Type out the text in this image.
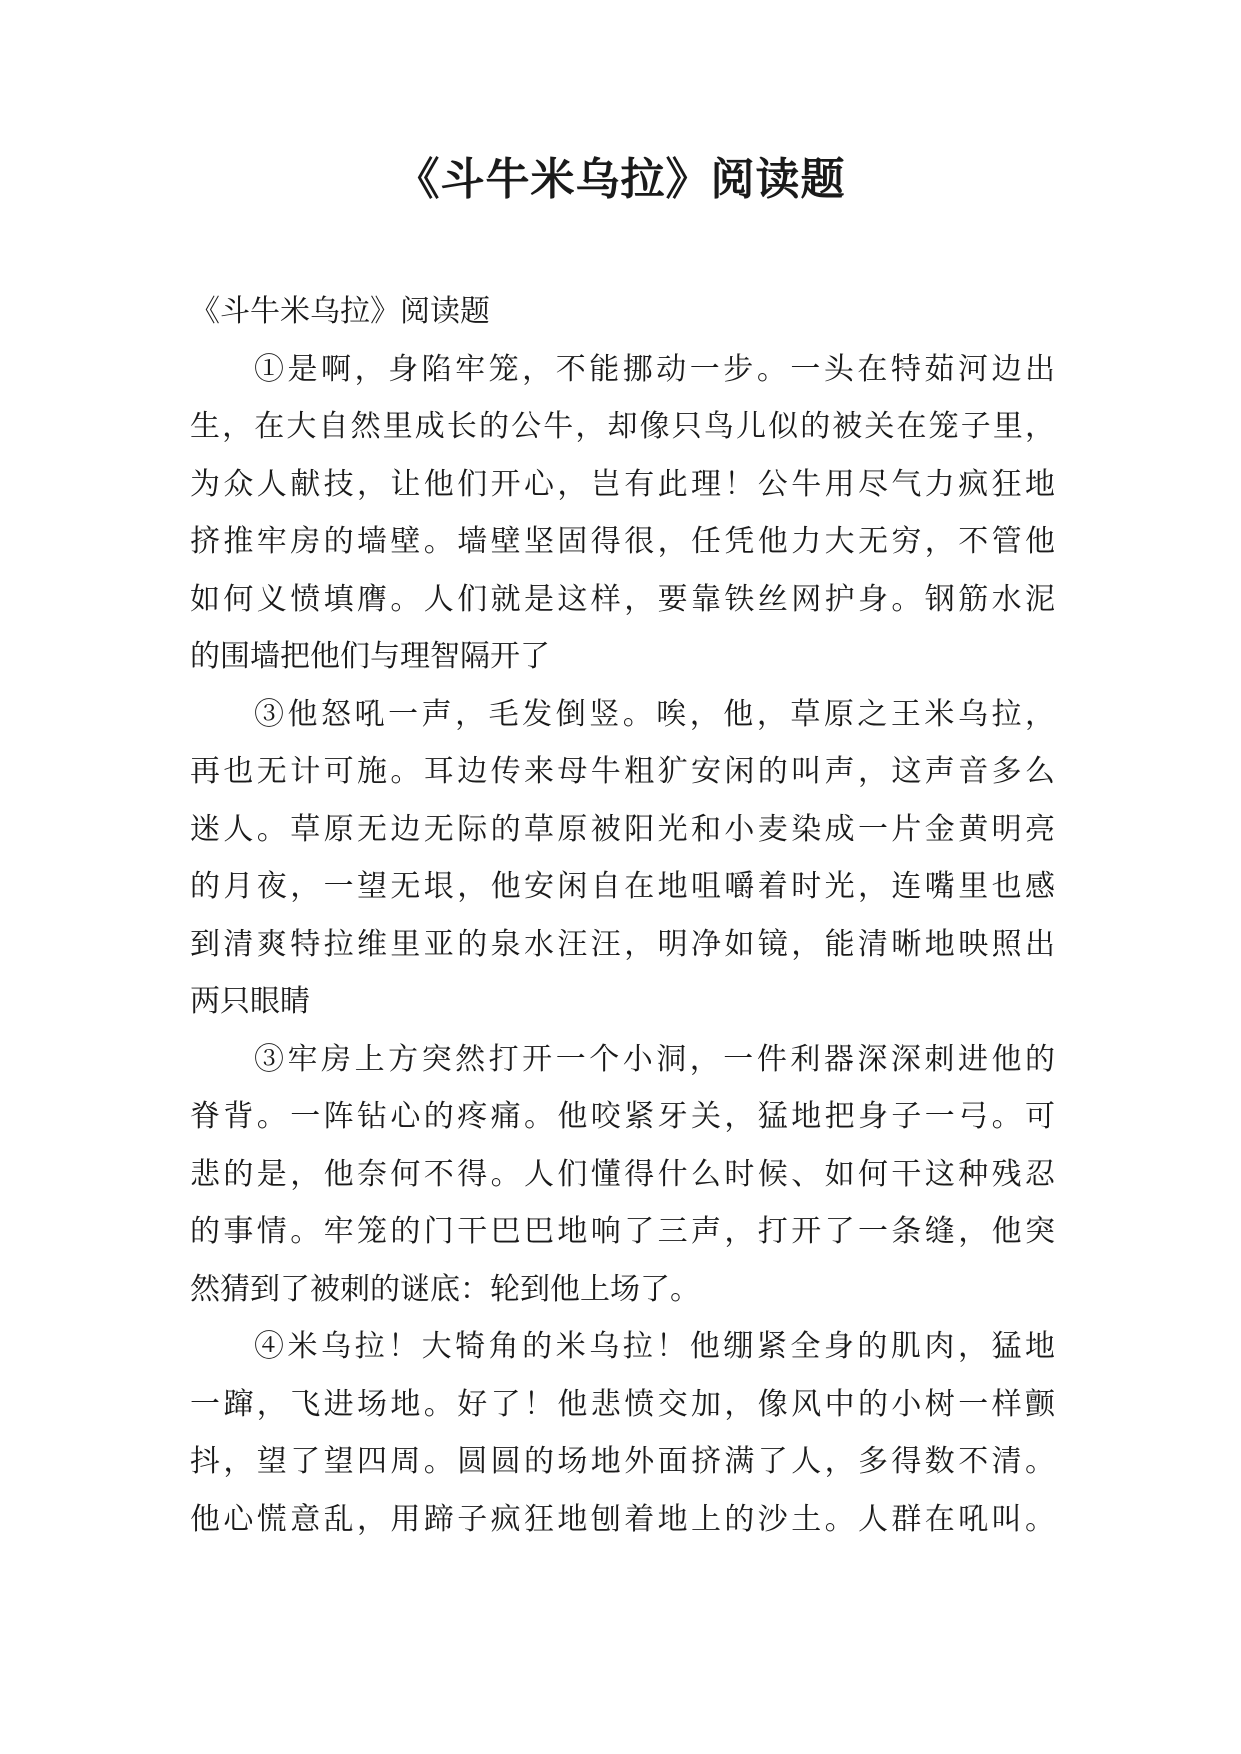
《斗牛米乌拉》阅读题

《斗牛米乌拉》阅读题

①是啊，身陷牢笼，不能挪动一步。一头在特茹河边出
生，在大自然里成长的公牛，却像只鸟儿似的被关在笼子里，
为众人献技，让他们开心，岂有此理！公牛用尽气力疯狂地
挤推牢房的墙壁。墙壁坚固得很，任凭他力大无穷，不管他
如何义愤填膺。人们就是这样，要靠铁丝网护身。钢筋水泥
的围墙把他们与理智隔开了
③他怒吼一声，毛发倒竖。唉，他，草原之王米乌拉，
再也无计可施。耳边传来母牛粗犷安闲的叫声，这声音多么
迷人。草原无边无际的草原被阳光和小麦染成一片金黄明亮
的月夜，一望无垠，他安闲自在地咀嚼着时光，连嘴里也感
到清爽特拉维里亚的泉水汪汪，明净如镜，能清晰地映照出
两只眼睛
③牢房上方突然打开一个小洞，一件利器深深刺进他的
脊背。一阵钻心的疼痛。他咬紧牙关，猛地把身子一弓。可
悲的是，他奈何不得。人们懂得什么时候、如何干这种残忍
的事情。牢笼的门干巴巴地响了三声，打开了一条缝，他突
然猜到了被刺的谜底：轮到他上场了。
④米乌拉！大犄角的米乌拉！他绷紧全身的肌肉，猛地
一蹿，飞进场地。好了！他悲愤交加，像风中的小树一样颤
抖，望了望四周。圆圆的场地外面挤满了人，多得数不清。
他心慌意乱，用蹄子疯狂地刨着地上的沙土。人群在吼叫。
